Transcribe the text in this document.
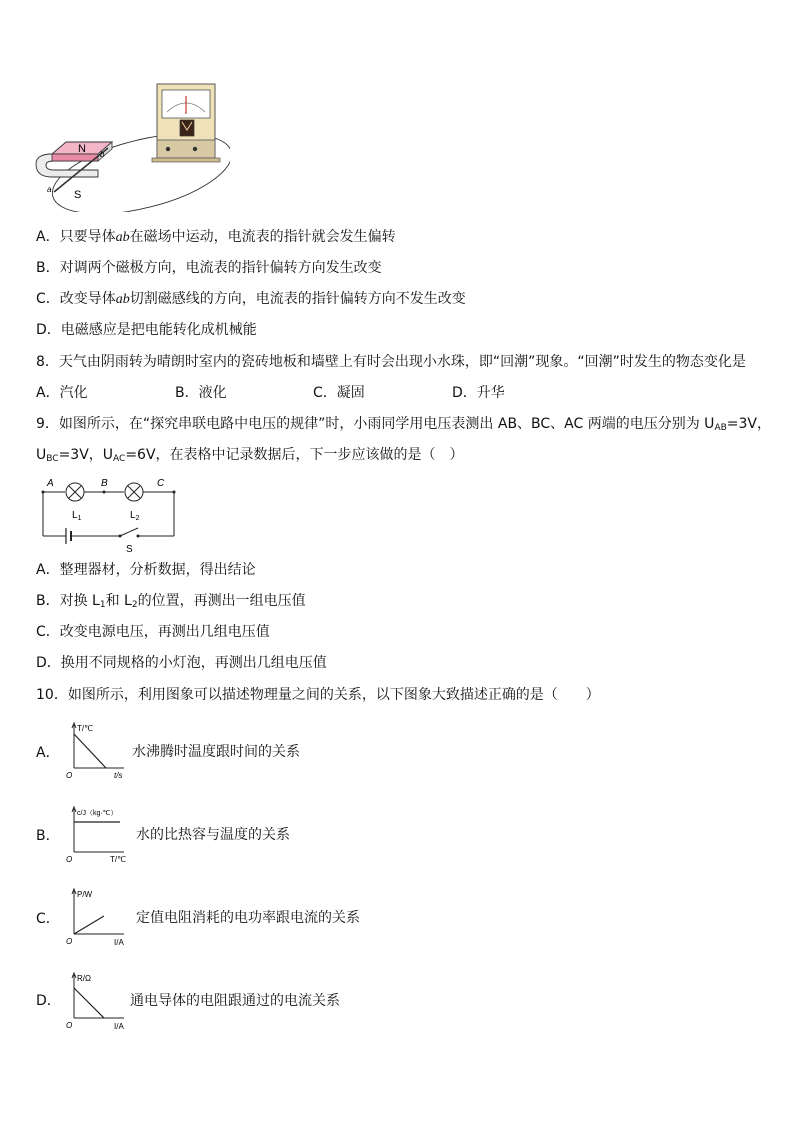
N
S
a
b
A．只要导体ab在磁场中运动，电流表的指针就会发生偏转
B．对调两个磁极方向，电流表的指针偏转方向发生改变
C．改变导体ab切割磁感线的方向，电流表的指针偏转方向不发生改变
D．电磁感应是把电能转化成机械能
8．天气由阴雨转为晴朗时室内的瓷砖地板和墙壁上有时会出现小水珠，即“回潮”现象。“回潮”时发生的物态变化是
A．汽化	B．液化	C．凝固	D．升华
9．如图所示，在“探究串联电路中电压的规律”时，小雨同学用电压表测出 AB、BC、AC 两端的电压分别为 $U_{AB}=3V$，
$U_{BC}=3V$，$U_{AC}=6V$，在表格中记录数据后，下一步应该做的是（　）
A	B	C
$L_1$	$L_2$
S
A．整理器材，分析数据，得出结论
B．对换 $L_1$和 $L_2$的位置，再测出一组电压值
C．改变电源电压，再测出几组电压值
D．换用不同规格的小灯泡，再测出几组电压值
10．如图所示，利用图象可以描述物理量之间的关系，以下图象大致描述正确的是（　　）
A．
T/℃
t/s
O
水沸腾时温度跟时间的关系
B．
c/J（kg·℃）
T/℃
O
水的比热容与温度的关系
C．
P/W
I/A
O
定值电阻消耗的电功率跟电流的关系
D．
R/Ω
I/A
O
通电导体的电阻跟通过的电流关系
